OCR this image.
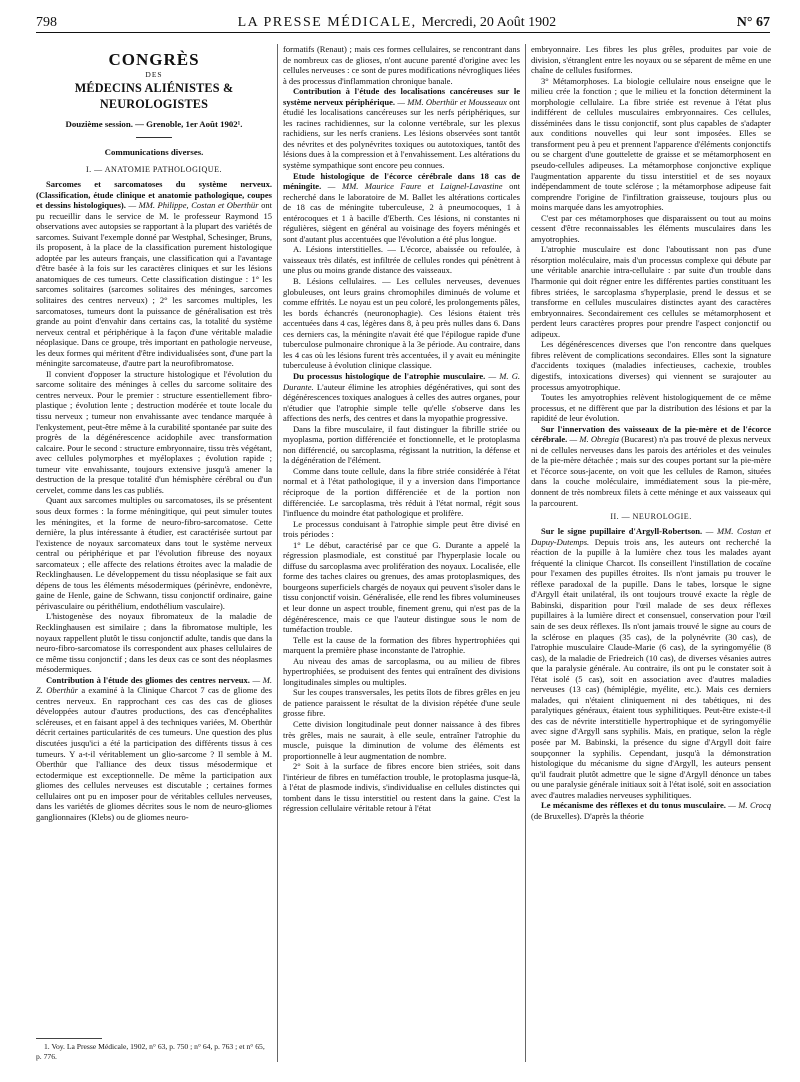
798	LA PRESSE MÉDICALE, Mercredi, 20 Août 1902	N° 67
CONGRÈS
DES
MÉDECINS ALIÉNISTES & NEUROLOGISTES
Douzième session. — Grenoble, 1er Août 1902¹.
Communications diverses.
I. — ANATOMIE PATHOLOGIQUE.

Sarcomes et sarcomatoses du système nerveux. (Classification, étude clinique et anatomie pathologique, coupes et dessins histologiques). — MM. Philippe, Costan et Oberthür ont pu recueillir dans le service de M. le professeur Raymond 15 observations avec autopsies se rapportant à la plupart des variétés de sarcomes. Suivant l'exemple donné par Westphal, Schesinger, Bruns, ils proposent, à la place de la classification purement histologique adoptée par les auteurs français, une classification qui a l'avantage d'être basée à la fois sur les caractères cliniques et sur les lésions anatomiques de ces tumeurs. Cette classification distingue : 1° les sarcomes solitaires (sarcomes solitaires des méninges, sarcomes solitaires des centres nerveux) ; 2° les sarcomes multiples, les sarcomatoses, tumeurs dont la puissance de généralisation est très grande au point d'envahir dans certains cas, la totalité du système nerveux central et périphérique à la façon d'une véritable maladie néoplasique. Dans ce groupe, très important en pathologie nerveuse, les deux formes qui méritent d'être individualisées sont, d'une part la méningite sarcomateuse, d'autre part la neurofibromatose.

Il convient d'opposer la structure histologique et l'évolution du sarcome solitaire des méninges à celles du sarcome solitaire des centres nerveux. Pour le premier : structure essentiellement fibro-plastique ; évolution lente ; destruction modérée et toute locale du tissu nerveux ; tumeur non envahissante avec tendance marquée à l'enkystement, peut-être même à la curabilité spontanée par suite des progrès de la dégénérescence acidophile avec transformation calcaire. Pour le second : structure embryonnaire, tissu très végétant, avec cellules polymorphes et myéloplaxes ; évolution rapide ; tumeur vite envahissante, toujours extensive jusqu'à amener la destruction de la presque totalité d'un hémisphère cérébral ou d'un cervelet, comme dans les cas publiés.

Quant aux sarcomes multiples ou sarcomatoses, ils se présentent sous deux formes : la forme méningitique, qui peut simuler toutes les méningites, et la forme de neuro-fibro-sarcomatose. Cette dernière, la plus intéressante à étudier, est caractérisée surtout par l'existence de noyaux sarcomateux dans tout le système nerveux central ou périphérique et par l'évolution fibreuse des noyaux sarcomateux ; elle affecte des relations étroites avec la maladie de Recklinghausen. Le développement du tissu néoplasique se fait aux dépens de tous les éléments mésodermiques (périnèvre, endonèvre, gaine de Henle, gaine de Schwann, tissu conjonctif ordinaire, gaine périvasculaire ou périthélium, endothélium vasculaire).

L'histogenèse des noyaux fibromateux de la maladie de Recklinghausen est similaire ; dans la fibromatose multiple, les noyaux rappellent plutôt le tissu conjonctif adulte, tandis que dans la neuro-fibro-sarcomatose ils correspondent aux phases cellulaires de ce même tissu conjonctif ; dans les deux cas ce sont des néoplasmes mésodermiques.

Contribution à l'étude des gliomes des centres nerveux. — M. Z. Oberthür a examiné à la Clinique Charcot 7 cas de gliome des centres nerveux. En rapprochant ces cas des cas de glioses développées autour d'autres productions, des cas d'encéphalites scléreuses, et en faisant appel à des techniques variées, M. Oberthür décrit certaines particularités de ces tumeurs. Une question des plus discutées jusqu'ici a été la participation des différents tissus à ces tumeurs. Y a-t-il véritablement un glio-sarcome ? Il semble à M. Oberthür que l'alliance des deux tissus mésodermique et ectodermique est exceptionnelle. De même la participation aux gliomes des cellules nerveuses est discutable ; certaines formes cellulaires ont pu en imposer pour de véritables cellules nerveuses, dans les variétés de gliomes décrites sous le nom de neuro-gliomes ganglionnaires (Klebs) ou de gliomes neuro-

formatifs (Renaut) ; mais ces formes cellulaires, se rencontrant dans de nombreux cas de glioses, n'ont aucune parenté d'origine avec les cellules nerveuses : ce sont de pures modifications névrogliques liées à des processus d'inflammation chronique banale.

Contribution à l'étude des localisations cancéreuses sur le système nerveux périphérique. — MM. Oberthür et Mousseaux ont étudié les localisations cancéreuses sur les nerfs périphériques, sur les racines rachidiennes, sur la colonne vertébrale, sur les plexus rachidiens, sur les nerfs craniens. Les lésions observées sont tantôt des névrites et des polynévrites toxiques ou autotoxiques, tantôt des lésions dues à la compression et à l'envahissement. Les altérations du système sympathique sont encore peu connues.

Etude histologique de l'écorce cérébrale dans 18 cas de méningite. — MM. Maurice Faure et Laignel-Lavastine ont recherché dans le laboratoire de M. Ballet les altérations corticales de 18 cas de méningite tuberculeuse, 2 à pneumocoques, 1 à entérocoques et 1 à bacille d'Eberth. Ces lésions, ni constantes ni régulières, siègent en général au voisinage des foyers méningés et sont d'autant plus accentuées que l'évolution a été plus longue.

A. Lésions interstitielles. — L'écorce, abaissée ou refoulée, à vaisseaux très dilatés, est infiltrée de cellules rondes qui pénètrent à une plus ou moins grande distance des vaisseaux.

B. Lésions cellulaires. — Les cellules nerveuses, devenues globuleuses, ont leurs grains chromophiles diminués de volume et comme effrités. Le noyau est un peu coloré, les prolongements pâles, les bords échancrés (neuronophagie). Ces lésions étaient très accentuées dans 4 cas, légères dans 8, à peu près nulles dans 6. Dans ces derniers cas, la méningite n'avait été que l'épilogue rapide d'une tuberculose pulmonaire chronique à la 3e période. Au contraire, dans les 4 cas où les lésions furent très accentuées, il y avait eu méningite tuberculeuse à évolution clinique classique.

Du processus histologique de l'atrophie musculaire. — M. G. Durante. L'auteur élimine les atrophies dégénératives, qui sont des dégénérescences toxiques analogues à celles des autres organes, pour n'étudier que l'atrophie simple telle qu'elle s'observe dans les affections des nerfs, des centres et dans la myopathie progressive.

Dans la fibre musculaire, il faut distinguer la fibrille striée ou myoplasma, portion différenciée et fonctionnelle, et le protoplasma non différencié, ou sarcoplasma, régissant la nutrition, la défense et la dégénération de l'élément.

Comme dans toute cellule, dans la fibre striée considérée à l'état normal et à l'état pathologique, il y a inversion dans l'importance réciproque de la portion différenciée et de la portion non différenciée. Le sarcoplasma, très réduit à l'état normal, régit sous l'influence du moindre état pathologique et prolifère.

Le processus conduisant à l'atrophie simple peut être divisé en trois périodes :

1° Le début, caractérisé par ce que G. Durante a appelé la régression plasmodiale, est constitué par l'hyperplasie locale ou diffuse du sarcoplasma avec prolifération des noyaux. Localisée, elle forme des taches claires ou grenues, des amas protoplasmiques, des bourgeons superficiels chargés de noyaux qui peuvent s'isoler dans le tissu conjonctif voisin. Généralisée, elle rend les fibres volumineuses et leur donne un aspect trouble, finement grenu, qui n'est pas de la dégénérescence, mais ce que l'auteur distingue sous le nom de tuméfaction trouble.

Telle est la cause de la formation des fibres hypertrophiées qui marquent la première phase inconstante de l'atrophie.

Au niveau des amas de sarcoplasma, ou au milieu de fibres hypertrophiées, se produisent des fentes qui entraînent des divisions longitudinales simples ou multiples.

Sur les coupes transversales, les petits îlots de fibres grêles en jeu de patience paraissent le résultat de la division répétée d'une seule grosse fibre.

Cette division longitudinale peut donner naissance à des fibres très grêles, mais ne saurait, à elle seule, entraîner l'atrophie du muscle, puisque la diminution de volume des éléments est proportionnelle à leur augmentation de nombre.

2° Soit à la surface de fibres encore bien striées, soit dans l'intérieur de fibres en tuméfaction trouble, le protoplasma jusque-là, à l'état de plasmode indivis, s'individualise en cellules distinctes qui tombent dans le tissu interstitiel ou restent dans la gaine. C'est la régression cellulaire véritable retour à l'état

embryonnaire. Les fibres les plus grêles, produites par voie de division, s'étranglent entre les noyaux ou se séparent de même en une chaîne de cellules fusiformes.

3° Métamorphoses. La biologie cellulaire nous enseigne que le milieu crée la fonction ; que le milieu et la fonction déterminent la morphologie cellulaire. La fibre striée est revenue à l'état plus indifférent de cellules musculaires embryonnaires. Ces cellules, disséminées dans le tissu conjonctif, sont plus capables de s'adapter aux conditions nouvelles qui leur sont imposées. Elles se transforment peu à peu et prennent l'apparence d'éléments conjonctifs ou se chargent d'une gouttelette de graisse et se métamorphosent en pseudo-cellules adipeuses. La métamorphose conjonctive explique l'augmentation apparente du tissu interstitiel et de ses noyaux indépendamment de toute sclérose ; la métamorphose adipeuse fait comprendre l'origine de l'infiltration graisseuse, toujours plus ou moins marquée dans les amyotrophies.

C'est par ces métamorphoses que disparaissent ou tout au moins cessent d'être reconnaissables les éléments musculaires dans les amyotrophies.

L'atrophie musculaire est donc l'aboutissant non pas d'une résorption moléculaire, mais d'un processus complexe qui débute par une véritable anarchie intra-cellulaire : par suite d'un trouble dans l'harmonie qui doit régner entre les différentes parties constituant les fibres striées, le sarcoplasma s'hyperplasie, prend le dessus et se transforme en cellules musculaires distinctes ayant des caractères embryonnaires. Secondairement ces cellules se métamorphosent et perdent leurs caractères propres pour prendre l'aspect conjonctif ou adipeux.

Les dégénérescences diverses que l'on rencontre dans quelques fibres relèvent de complications secondaires. Elles sont la signature d'accidents toxiques (maladies infectieuses, cachexie, troubles digestifs, intoxications diverses) qui viennent se surajouter au processus amyotrophique.

Toutes les amyotrophies relèvent histologiquement de ce même processus, et ne diffèrent que par la distribution des lésions et par la rapidité de leur évolution.

Sur l'innervation des vaisseaux de la pie-mère et de l'écorce cérébrale. — M. Obregia (Bucarest) n'a pas trouvé de plexus nerveux ni de cellules nerveuses dans les parois des artérioles et des veinules de la pie-mère détachée ; mais sur des coupes portant sur la pie-mère et l'écorce sous-jacente, on voit que les cellules de Ramon, situées dans la couche moléculaire, immédiatement sous la pie-mère, donnent de très nombreux filets à cette méninge et aux vaisseaux qui la parcourent.

II. — NEUROLOGIE.

Sur le signe pupillaire d'Argyll-Robertson. — MM. Costan et Dupuy-Dutemps. Depuis trois ans, les auteurs ont recherché la réaction de la pupille à la lumière chez tous les malades ayant fréquenté la clinique Charcot. Ils conseillent l'instillation de cocaïne pour l'examen des pupilles étroites. Ils n'ont jamais pu trouver le réflexe paradoxal de la pupille. Dans le tabes, lorsque le signe d'Argyll était unilatéral, ils ont toujours trouvé exacte la règle de Babinski, disparition pour l'œil malade de ses deux réflexes pupillaires à la lumière direct et consensuel, conservation pour l'œil sain de ses deux réflexes. Ils n'ont jamais trouvé le signe au cours de la sclérose en plaques (35 cas), de la polynévrite (30 cas), de l'atrophie musculaire Claude-Marie (6 cas), de la syringomyélie (8 cas), de la maladie de Friedreich (10 cas), de diverses vésanies autres que la paralysie générale. Au contraire, ils ont pu le constater soit à l'état isolé (5 cas), soit en association avec d'autres maladies nerveuses (13 cas) (hémiplégie, myélite, etc.). Mais ces derniers malades, qui n'étaient cliniquement ni des tabétiques, ni des paralytiques généraux, étaient tous syphilitiques. Peut-être existe-t-il des cas de névrite interstitielle hypertrophique et de syringomyélie avec signe d'Argyll sans syphilis. Mais, en pratique, selon la règle posée par M. Babinski, la présence du signe d'Argyll doit faire soupçonner la syphilis. Cependant, jusqu'à la démonstration histologique du mécanisme du signe d'Argyll, les auteurs pensent qu'il faudrait plutôt admettre que le signe d'Argyll dénonce un tabes ou une paralysie générale initiaux soit à l'état isolé, soit en association avec d'autres maladies nerveuses syphilitiques.

Le mécanisme des réflexes et du tonus musculaire. — M. Crocq (de Bruxelles). D'après la théorie

1. Voy. La Presse Médicale, 1902, n° 63, p. 750 ; n° 64, p. 763 ; et n° 65, p. 776.
